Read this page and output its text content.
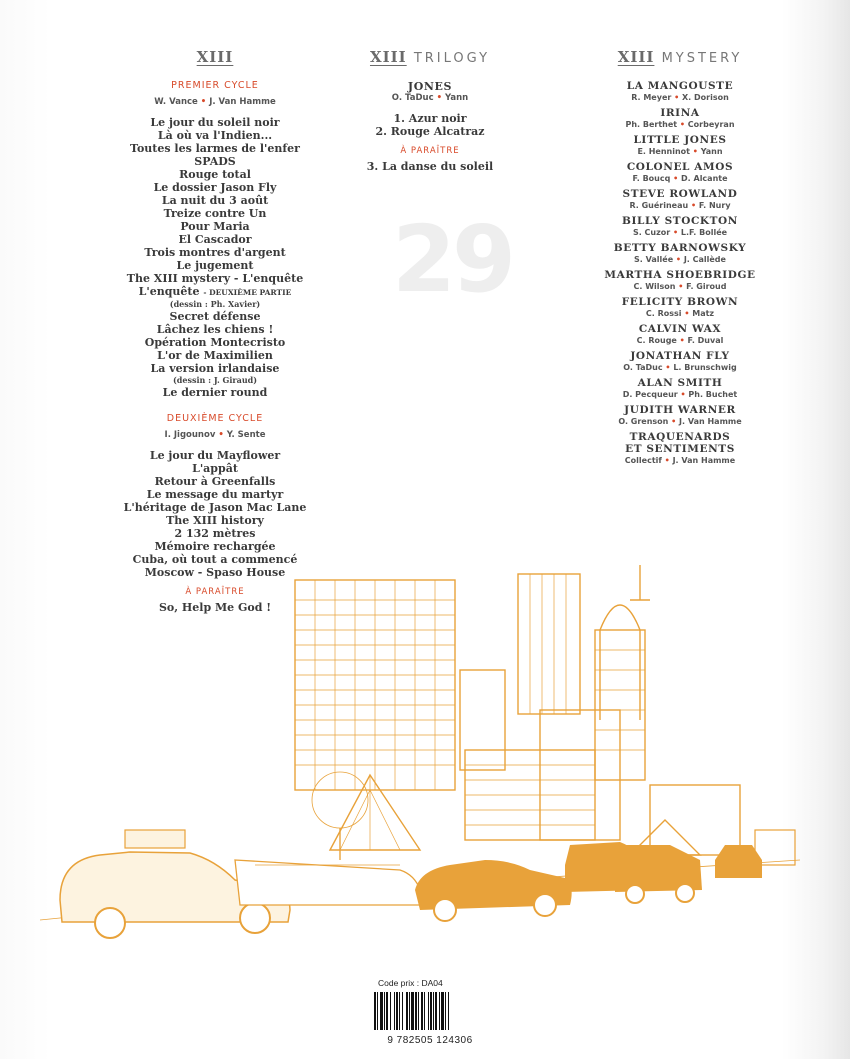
XIII
PREMIER CYCLE
W. Vance • J. Van Hamme
Le jour du soleil noir
Là où va l'Indien...
Toutes les larmes de l'enfer
SPADS
Rouge total
Le dossier Jason Fly
La nuit du 3 août
Treize contre Un
Pour Maria
El Cascador
Trois montres d'argent
Le jugement
The XIII mystery - L'enquête
L'enquête - DEUXIÈME PARTIE
(dessin : Ph. Xavier)
Secret défense
Lâchez les chiens !
Opération Montecristo
L'or de Maximilien
La version irlandaise
(dessin : J. Giraud)
Le dernier round
DEUXIÈME CYCLE
I. Jigounov • Y. Sente
Le jour du Mayflower
L'appât
Retour à Greenfalls
Le message du martyr
L'héritage de Jason Mac Lane
The XIII history
2 132 mètres
Mémoire rechargée
Cuba, où tout a commencé
Moscow - Spaso House
À PARAÎTRE
So, Help Me God !
XIII TRILOGY
JONES
O. TaDuc • Yann
1. Azur noir
2. Rouge Alcatraz
À PARAÎTRE
3. La danse du soleil
29
XIII MYSTERY
LA MANGOUSTE
R. Meyer • X. Dorison
IRINA
Ph. Berthet • Corbeyran
LITTLE JONES
E. Henninot • Yann
COLONEL AMOS
F. Boucq • D. Alcante
STEVE ROWLAND
R. Guérineau • F. Nury
BILLY STOCKTON
S. Cuzor • L.F. Bollée
BETTY BARNOWSKY
S. Vallée • J. Callède
MARTHA SHOEBRIDGE
C. Wilson • F. Giroud
FELICITY BROWN
C. Rossi • Matz
CALVIN WAX
C. Rouge • F. Duval
JONATHAN FLY
O. TaDuc • L. Brunschwig
ALAN SMITH
D. Pecqueur • Ph. Buchet
JUDITH WARNER
O. Grenson • J. Van Hamme
TRAQUENARDS
ET SENTIMENTS
Collectif • J. Van Hamme
Code prix : DA04
9 782505 124306
